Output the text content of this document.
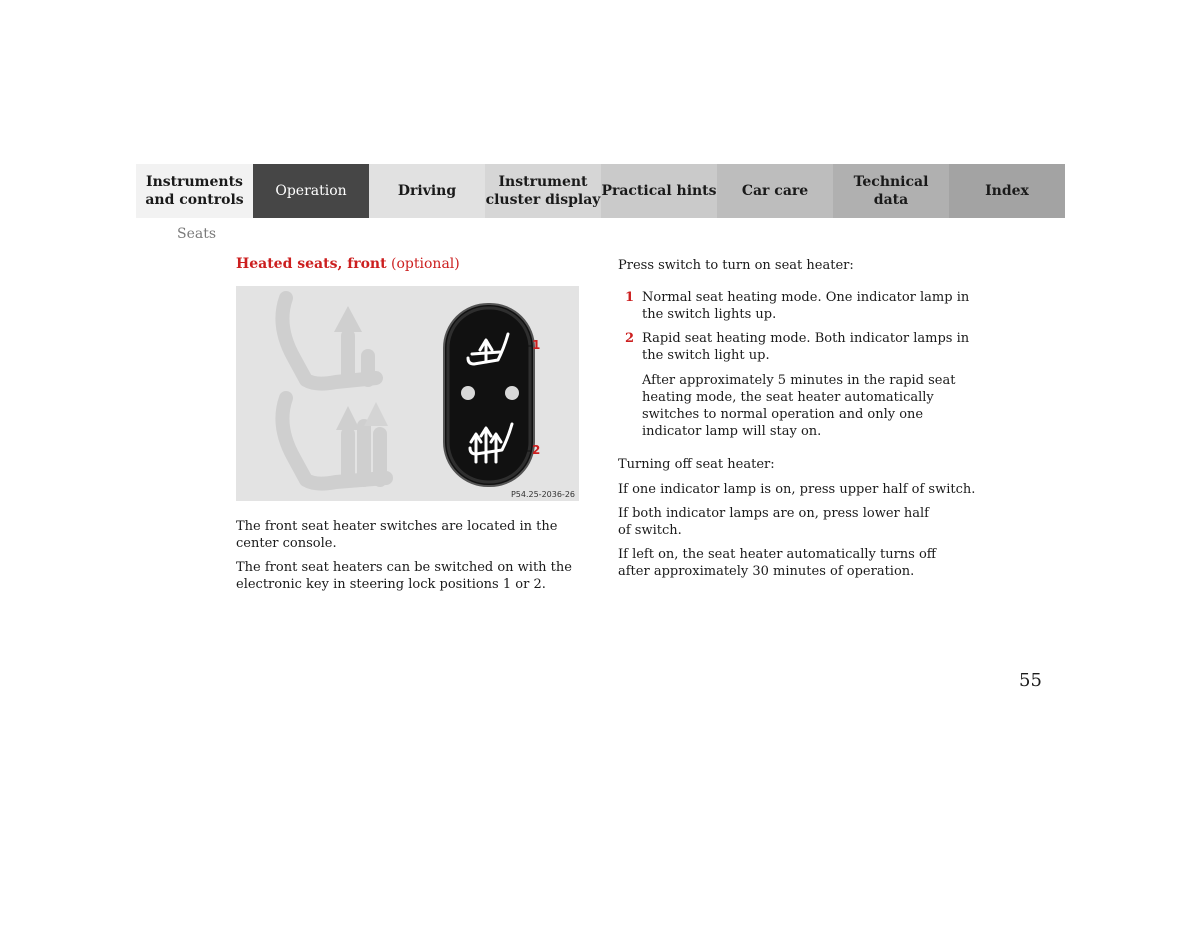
Instruments
and controls
Operation	Driving
Instrument
cluster display
Practical hints	Car care
Technical
data
Index
Seats
Heated seats, front (optional)
1
2
P54.25-2036-26

The front seat heater switches are located in the center console.

The front seat heaters can be switched on with the electronic key in steering lock positions 1 or 2.

Press switch to turn on seat heater:

1 Normal seat heating mode. One indicator lamp in the switch lights up.
2 Rapid seat heating mode. Both indicator lamps in the switch light up.

After approximately 5 minutes in the rapid seat heating mode, the seat heater automatically switches to normal operation and only one indicator lamp will stay on.

Turning off seat heater:

If one indicator lamp is on, press upper half of switch.

If both indicator lamps are on, press lower half of switch.

If left on, the seat heater automatically turns off after approximately 30 minutes of operation.

55
